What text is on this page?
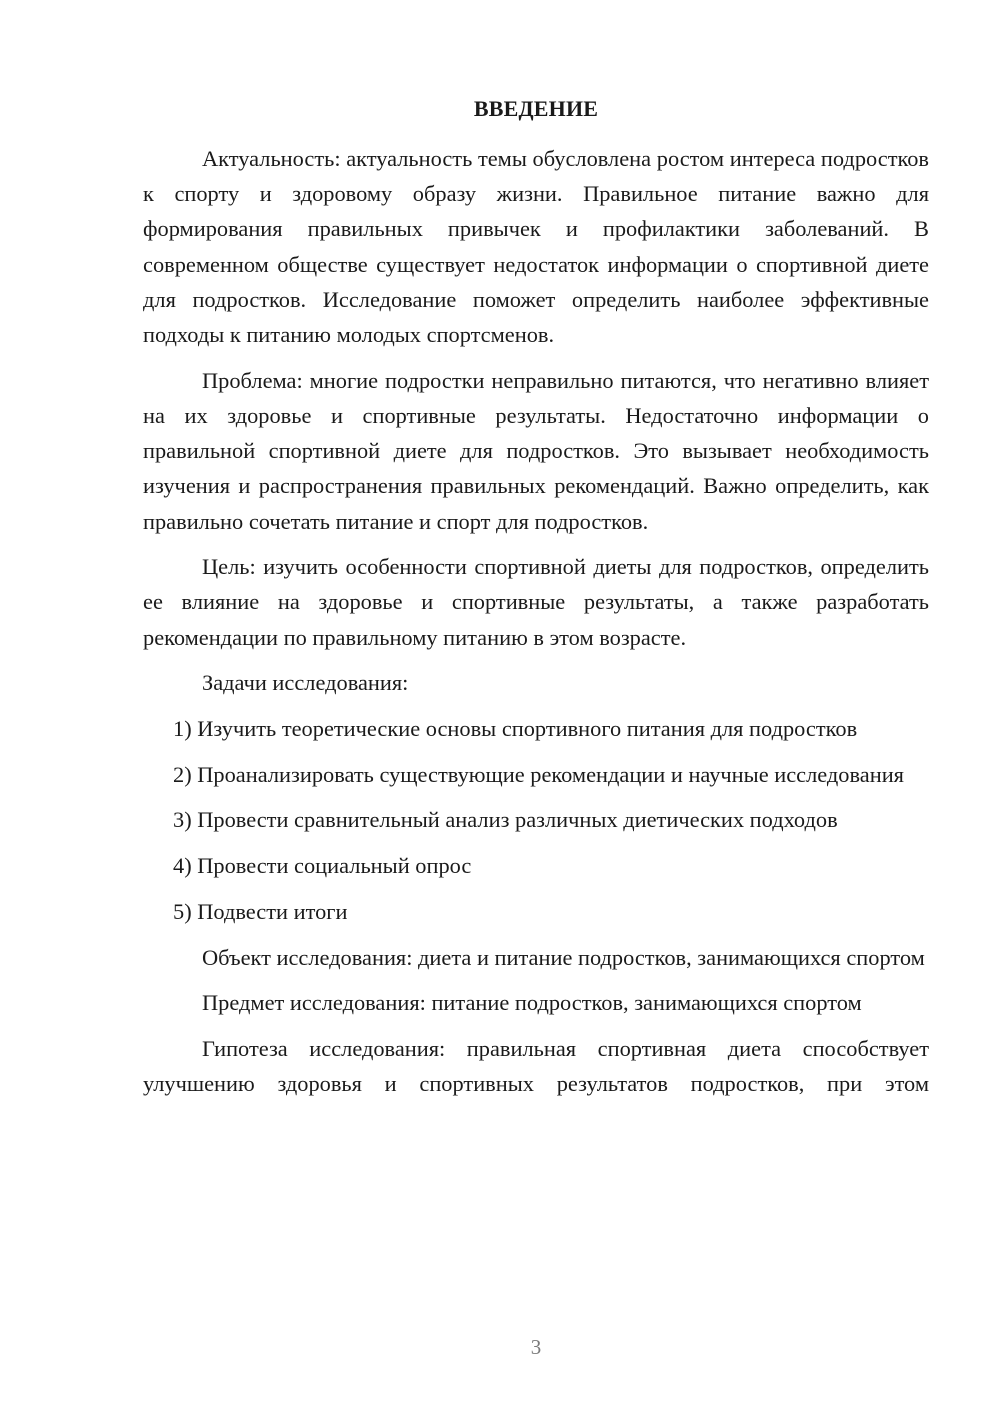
ВВЕДЕНИЕ

Актуальность: актуальность темы обусловлена ростом интереса подростков к спорту и здоровому образу жизни. Правильное питание важно для формирования правильных привычек и профилактики заболеваний. В современном обществе существует недостаток информации о спортивной диете для подростков. Исследование поможет определить наиболее эффективные подходы к питанию молодых спортсменов.

Проблема: многие подростки неправильно питаются, что негативно влияет на их здоровье и спортивные результаты. Недостаточно информации о правильной спортивной диете для подростков. Это вызывает необходимость изучения и распространения правильных рекомендаций. Важно определить, как правильно сочетать питание и спорт для подростков.

Цель: изучить особенности спортивной диеты для подростков, определить ее влияние на здоровье и спортивные результаты, а также разработать рекомендации по правильному питанию в этом возрасте.

Задачи исследования:

1) Изучить теоретические основы спортивного питания для подростков

2) Проанализировать существующие рекомендации и научные исследования

3) Провести сравнительный анализ различных диетических подходов

4) Провести социальный опрос

5) Подвести итоги

Объект исследования: диета и питание подростков, занимающихся спортом

Предмет исследования: питание подростков, занимающихся спортом

Гипотеза исследования: правильная спортивная диета способствует улучшению здоровья и спортивных результатов подростков, при этом

3
